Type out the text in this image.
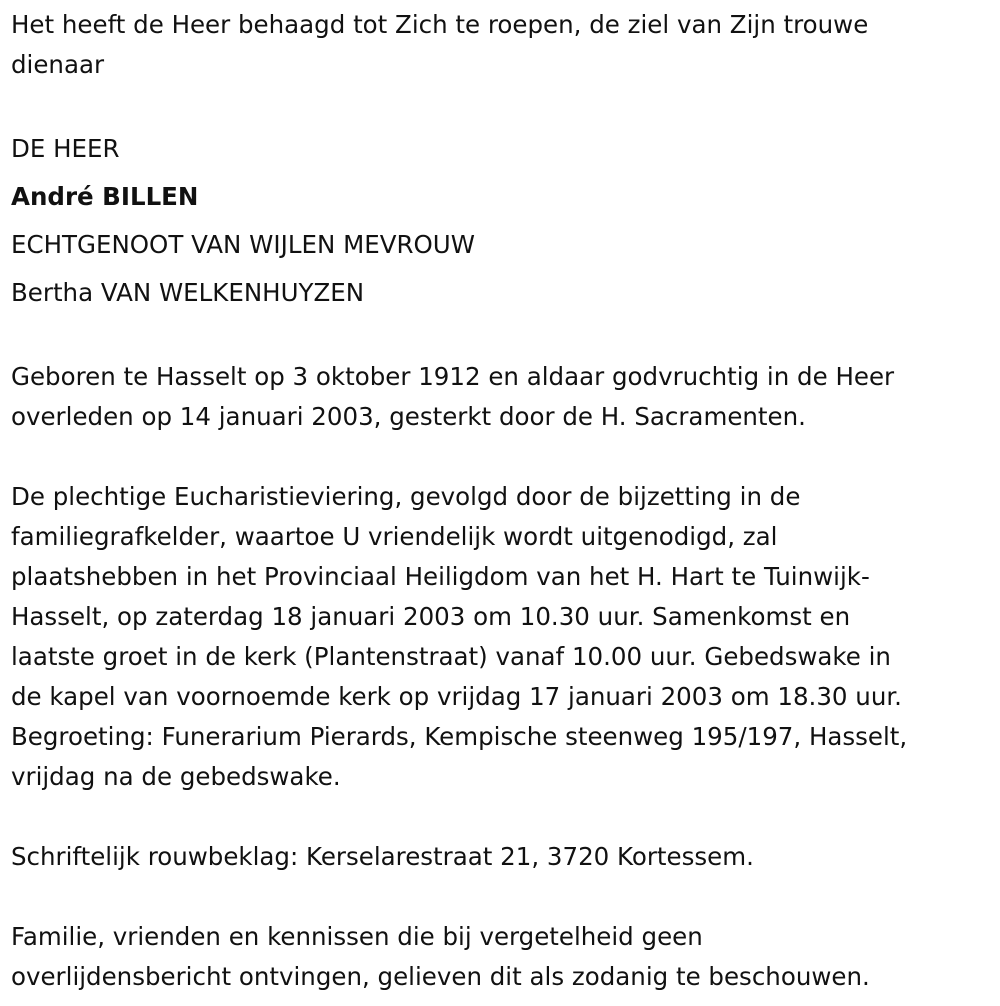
Het heeft de Heer behaagd tot Zich te roepen, de ziel van Zijn trouwe
dienaar
DE HEER
André BILLEN
ECHTGENOOT VAN WIJLEN MEVROUW
Bertha VAN WELKENHUYZEN
Geboren te Hasselt op 3 oktober 1912 en aldaar godvruchtig in de Heer
overleden op 14 januari 2003, gesterkt door de H. Sacramenten.
De plechtige Eucharistieviering, gevolgd door de bijzetting in de
familiegrafkelder, waartoe U vriendelijk wordt uitgenodigd, zal
plaatshebben in het Provinciaal Heiligdom van het H. Hart te Tuinwijk-
Hasselt, op zaterdag 18 januari 2003 om 10.30 uur. Samenkomst en
laatste groet in de kerk (Plantenstraat) vanaf 10.00 uur. Gebedswake in
de kapel van voornoemde kerk op vrijdag 17 januari 2003 om 18.30 uur.
Begroeting: Funerarium Pierards, Kempische steenweg 195/197, Hasselt,
vrijdag na de gebedswake.
Schriftelijk rouwbeklag: Kerselarestraat 21, 3720 Kortessem.
Familie, vrienden en kennissen die bij vergetelheid geen
overlijdensbericht ontvingen, gelieven dit als zodanig te beschouwen.
